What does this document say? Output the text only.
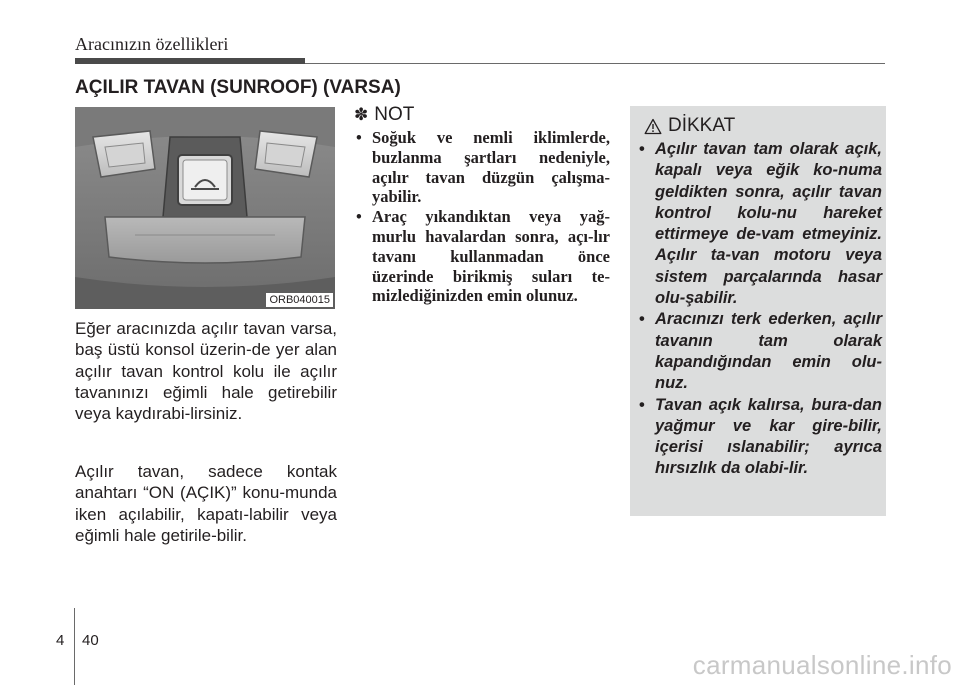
Aracınızın özellikleri
AÇILIR TAVAN (SUNROOF) (VARSA)
ORB040015
Eğer aracınızda açılır tavan varsa, baş üstü konsol üzerin-de yer alan açılır tavan kontrol kolu ile açılır tavanınızı eğimli hale getirebilir veya kaydırabi-lirsiniz.
Açılır tavan, sadece kontak anahtarı “ON (AÇIK)” konu-munda iken açılabilir, kapatı-labilir veya eğimli hale getirile-bilir.
✽ NOT
• Soğuk ve nemli iklimlerde, buzlanma şartları nedeniyle, açılır tavan düzgün çalışma-yabilir.
• Araç yıkandıktan veya yağ-murlu havalardan sonra, açı-lır tavanı kullanmadan önce üzerinde birikmiş suları te-mizlediğinizden emin olunuz.
DİKKAT
• Açılır tavan tam olarak açık, kapalı veya eğik ko-numa geldikten sonra, açılır tavan kontrol kolu-nu hareket ettirmeye de-vam etmeyiniz. Açılır ta-van motoru veya sistem parçalarında hasar olu-şabilir.
• Aracınızı terk ederken, açılır tavanın tam olarak kapandığından emin olu-nuz.
• Tavan açık kalırsa, bura-dan yağmur ve kar gire-bilir, içerisi ıslanabilir; ayrıca hırsızlık da olabi-lir.
4 40
carmanualsonline.info
